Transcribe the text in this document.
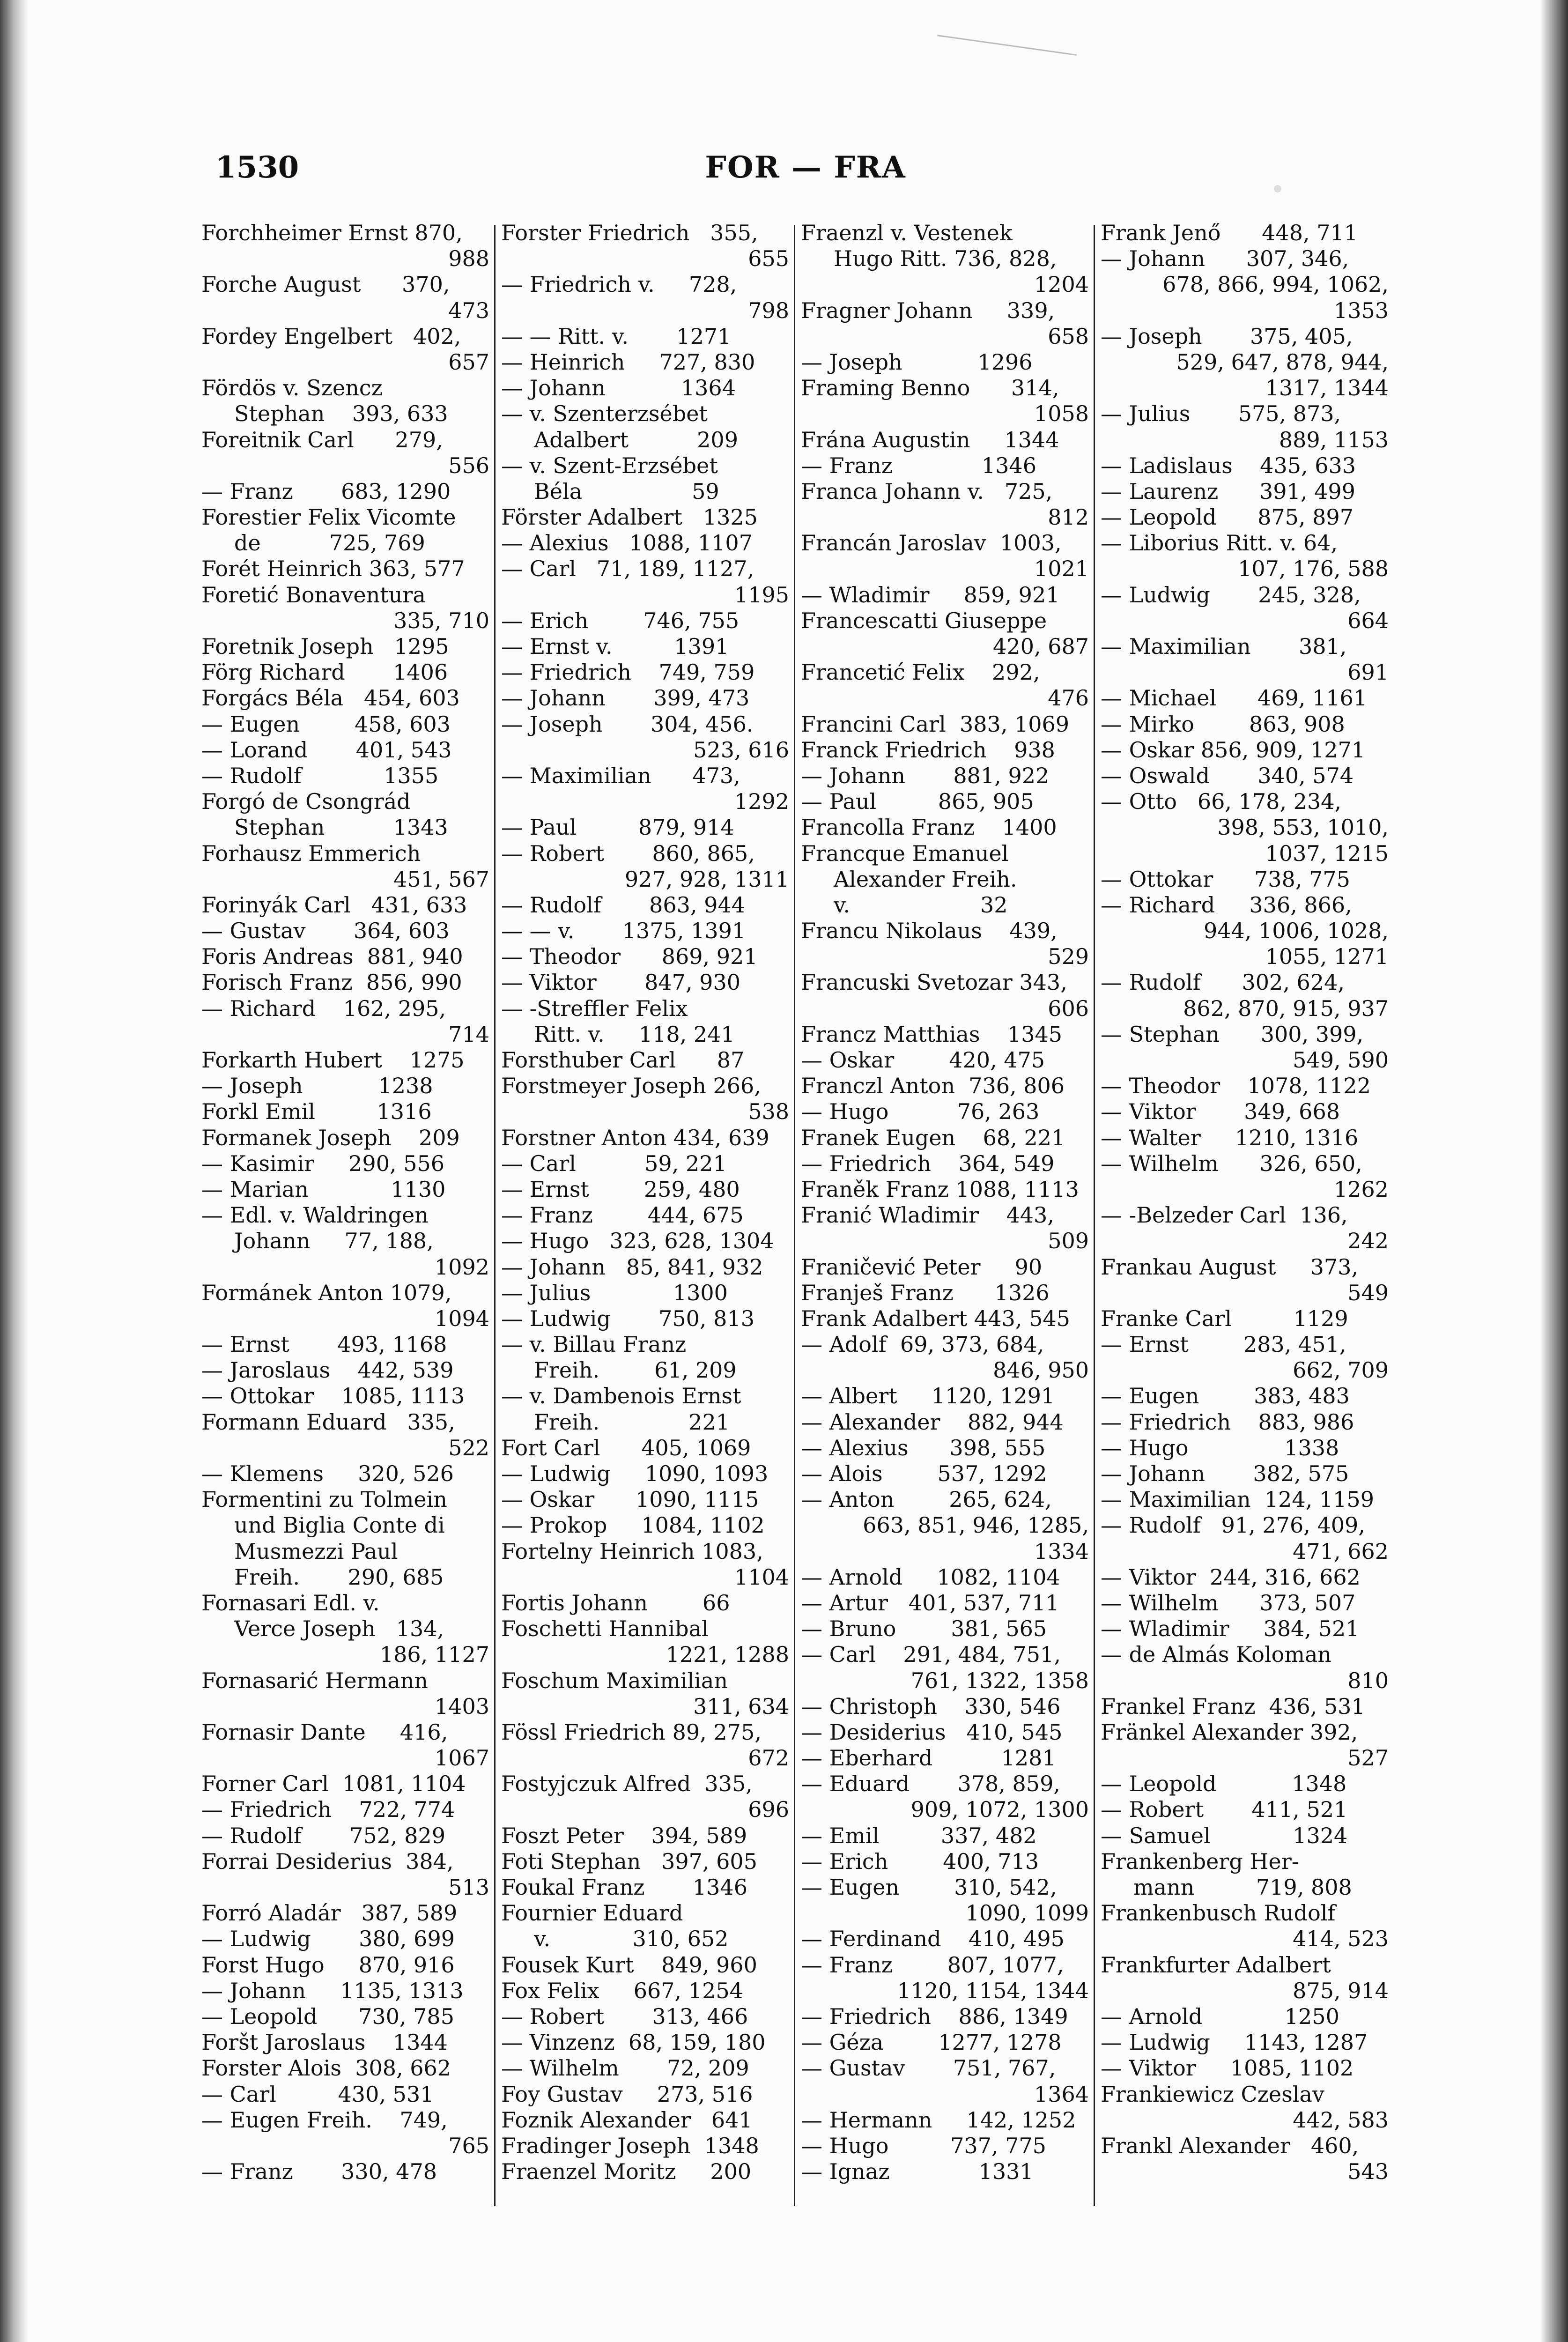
1530	FOR — FRA
Forchheimer Ernst 870,
988
Forche August      370,
473
Fordey Engelbert   402,
657
Fördös v. Szencz
Stephan    393, 633
Foreitnik Carl      279,
556
— Franz       683, 1290
Forestier Felix Vicomte
de          725, 769
Forét Heinrich 363, 577
Foretić Bonaventura
335, 710
Foretnik Joseph   1295
Förg Richard       1406
Forgács Béla   454, 603
— Eugen        458, 603
— Lorand       401, 543
— Rudolf            1355
Forgó de Csongrád
Stephan          1343
Forhausz Emmerich
451, 567
Forinyák Carl   431, 633
— Gustav       364, 603
Foris Andreas  881, 940
Forisch Franz  856, 990
— Richard    162, 295,
714
Forkarth Hubert    1275
— Joseph           1238
Forkl Emil         1316
Formanek Joseph    209
— Kasimir     290, 556
— Marian            1130
— Edl. v. Waldringen
Johann     77, 188,
1092
Formánek Anton 1079,
1094
— Ernst       493, 1168
— Jaroslaus    442, 539
— Ottokar    1085, 1113
Formann Eduard   335,
522
— Klemens     320, 526
Formentini zu Tolmein
und Biglia Conte di
Musmezzi Paul
Freih.       290, 685
Fornasari Edl. v.
Verce Joseph   134,
186, 1127
Fornasarić Hermann
1403
Fornasir Dante     416,
1067
Forner Carl  1081, 1104
— Friedrich    722, 774
— Rudolf       752, 829
Forrai Desiderius  384,
513
Forró Aladár   387, 589
— Ludwig       380, 699
Forst Hugo     870, 916
— Johann     1135, 1313
— Leopold      730, 785
Foršt Jaroslaus    1344
Forster Alois  308, 662
— Carl         430, 531
— Eugen Freih.    749,
765
— Franz       330, 478
Forster Friedrich   355,
655
— Friedrich v.     728,
798
— — Ritt. v.       1271
— Heinrich     727, 830
— Johann           1364
— v. Szenterzsébet
Adalbert          209
— v. Szent-Erzsébet
Béla                59
Förster Adalbert   1325
— Alexius   1088, 1107
— Carl   71, 189, 1127,
1195
— Erich        746, 755
— Ernst v.         1391
— Friedrich    749, 759
— Johann       399, 473
— Joseph       304, 456.
523, 616
— Maximilian      473,
1292
— Paul         879, 914
— Robert       860, 865,
927, 928, 1311
— Rudolf       863, 944
— — v.       1375, 1391
— Theodor      869, 921
— Viktor       847, 930
— -Streffler Felix
Ritt. v.     118, 241
Forsthuber Carl      87
Forstmeyer Joseph 266,
538
Forstner Anton 434, 639
— Carl          59, 221
— Ernst        259, 480
— Franz        444, 675
— Hugo   323, 628, 1304
— Johann   85, 841, 932
— Julius            1300
— Ludwig       750, 813
— v. Billau Franz
Freih.        61, 209
— v. Dambenois Ernst
Freih.             221
Fort Carl      405, 1069
— Ludwig     1090, 1093
— Oskar      1090, 1115
— Prokop     1084, 1102
Fortelny Heinrich 1083,
1104
Fortis Johann        66
Foschetti Hannibal
1221, 1288
Foschum Maximilian
311, 634
Fössl Friedrich 89, 275,
672
Fostyjczuk Alfred  335,
696
Foszt Peter    394, 589
Foti Stephan   397, 605
Foukal Franz       1346
Fournier Eduard
v.            310, 652
Fousek Kurt    849, 960
Fox Felix     667, 1254
— Robert       313, 466
— Vinzenz  68, 159, 180
— Wilhelm       72, 209
Foy Gustav     273, 516
Foznik Alexander   641
Fradinger Joseph  1348
Fraenzel Moritz     200
Fraenzl v. Vestenek
Hugo Ritt. 736, 828,
1204
Fragner Johann     339,
658
— Joseph           1296
Framing Benno      314,
1058
Frána Augustin     1344
— Franz             1346
Franca Johann v.   725,
812
Francán Jaroslav  1003,
1021
— Wladimir     859, 921
Francescatti Giuseppe
420, 687
Francetić Felix    292,
476
Francini Carl  383, 1069
Franck Friedrich    938
— Johann       881, 922
— Paul         865, 905
Francolla Franz    1400
Francque Emanuel
Alexander Freih.
v.                   32
Francu Nikolaus    439,
529
Francuski Svetozar 343,
606
Francz Matthias    1345
— Oskar        420, 475
Franczl Anton  736, 806
— Hugo          76, 263
Franek Eugen    68, 221
— Friedrich    364, 549
Franěk Franz 1088, 1113
Franić Wladimir    443,
509
Franičević Peter     90
Franješ Franz      1326
Frank Adalbert 443, 545
— Adolf  69, 373, 684,
846, 950
— Albert     1120, 1291
— Alexander    882, 944
— Alexius      398, 555
— Alois        537, 1292
— Anton        265, 624,
663, 851, 946, 1285,
1334
— Arnold     1082, 1104
— Artur   401, 537, 711
— Bruno        381, 565
— Carl    291, 484, 751,
761, 1322, 1358
— Christoph    330, 546
— Desiderius   410, 545
— Eberhard          1281
— Eduard       378, 859,
909, 1072, 1300
— Emil         337, 482
— Erich        400, 713
— Eugen        310, 542,
1090, 1099
— Ferdinand    410, 495
— Franz        807, 1077,
1120, 1154, 1344
— Friedrich    886, 1349
— Géza        1277, 1278
— Gustav       751, 767,
1364
— Hermann     142, 1252
— Hugo         737, 775
— Ignaz             1331
Frank Jenő      448, 711
— Johann      307, 346,
678, 866, 994, 1062,
1353
— Joseph       375, 405,
529, 647, 878, 944,
1317, 1344
— Julius       575, 873,
889, 1153
— Ladislaus    435, 633
— Laurenz      391, 499
— Leopold      875, 897
— Liborius Ritt. v. 64,
107, 176, 588
— Ludwig       245, 328,
664
— Maximilian       381,
691
— Michael      469, 1161
— Mirko        863, 908
— Oskar 856, 909, 1271
— Oswald       340, 574
— Otto   66, 178, 234,
398, 553, 1010,
1037, 1215
— Ottokar      738, 775
— Richard     336, 866,
944, 1006, 1028,
1055, 1271
— Rudolf      302, 624,
862, 870, 915, 937
— Stephan      300, 399,
549, 590
— Theodor    1078, 1122
— Viktor       349, 668
— Walter     1210, 1316
— Wilhelm      326, 650,
1262
— -Belzeder Carl  136,
242
Frankau August     373,
549
Franke Carl         1129
— Ernst        283, 451,
662, 709
— Eugen        383, 483
— Friedrich    883, 986
— Hugo              1338
— Johann       382, 575
— Maximilian  124, 1159
— Rudolf   91, 276, 409,
471, 662
— Viktor  244, 316, 662
— Wilhelm      373, 507
— Wladimir     384, 521
— de Almás Koloman
810
Frankel Franz  436, 531
Fränkel Alexander 392,
527
— Leopold           1348
— Robert       411, 521
— Samuel            1324
Frankenberg Her-
mann         719, 808
Frankenbusch Rudolf
414, 523
Frankfurter Adalbert
875, 914
— Arnold            1250
— Ludwig     1143, 1287
— Viktor     1085, 1102
Frankiewicz Czeslav
442, 583
Frankl Alexander   460,
543
